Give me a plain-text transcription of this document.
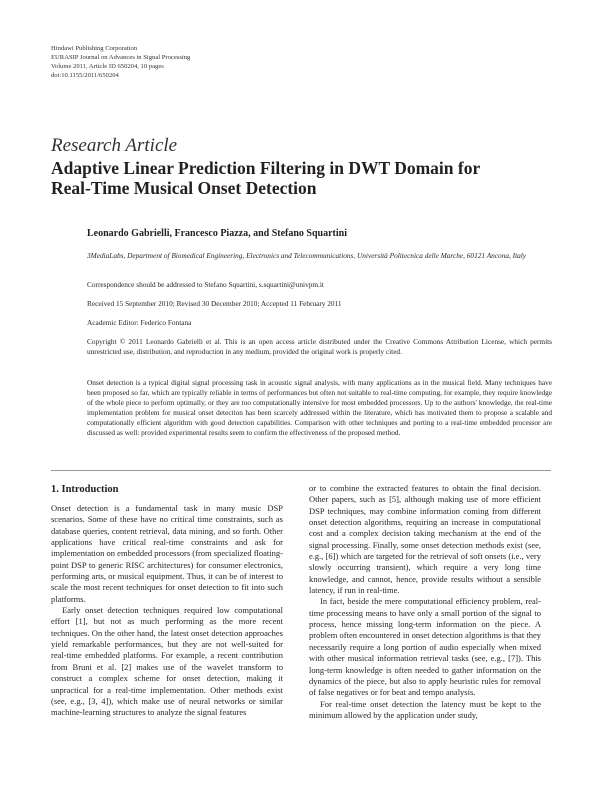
Hindawi Publishing Corporation
EURASIP Journal on Advances in Signal Processing
Volume 2011, Article ID 650204, 10 pages
doi:10.1155/2011/650204
Research Article
Adaptive Linear Prediction Filtering in DWT Domain for
Real-Time Musical Onset Detection
Leonardo Gabrielli, Francesco Piazza, and Stefano Squartini
3MediaLabs, Department of Biomedical Engineering, Electronics and Telecommunications, Università Politecnica delle Marche, 60121 Ancona, Italy
Correspondence should be addressed to Stefano Squartini, s.squartini@univpm.it
Received 15 September 2010; Revised 30 December 2010; Accepted 11 February 2011
Academic Editor: Federico Fontana
Copyright © 2011 Leonardo Gabrielli et al. This is an open access article distributed under the Creative Commons Attribution License, which permits unrestricted use, distribution, and reproduction in any medium, provided the original work is properly cited.
Onset detection is a typical digital signal processing task in acoustic signal analysis, with many applications as in the musical field. Many techniques have been proposed so far, which are typically reliable in terms of performances but often not suitable to real-time computing, for example, they require knowledge of the whole piece to perform optimally, or they are too computationally intensive for most embedded processors. Up to the authors' knowledge, the real-time implementation problem for musical onset detection has been scarcely addressed within the literature, which has motivated them to propose a scalable and computationally efficient algorithm with good detection capabilities. Comparison with other techniques and porting to a real-time embedded processor are discussed as well: provided experimental results seem to confirm the effectiveness of the proposed method.
1. Introduction

Onset detection is a fundamental task in many music DSP scenarios. Some of these have no critical time constraints, such as database queries, content retrieval, data mining, and so forth. Other applications have critical real-time constraints and ask for implementation on embedded processors (from specialized floating-point DSP to generic RISC architectures) for consumer electronics, performing arts, or musical equipment. Thus, it can be of interest to scale the most recent techniques for onset detection to fit into such platforms.

Early onset detection techniques required low computational effort [1], but not as much performing as the more recent techniques. On the other hand, the latest onset detection approaches yield remarkable performances, but they are not well-suited for real-time embedded platforms. For example, a recent contribution from Bruni et al. [2] makes use of the wavelet transform to construct a complex scheme for onset detection, making it unpractical for a real-time implementation. Other methods exist (see, e.g., [3, 4]), which make use of neural networks or similar machine-learning structures to analyze the signal features

or to combine the extracted features to obtain the final decision. Other papers, such as [5], although making use of more efficient DSP techniques, may combine information coming from different onset detection algorithms, requiring an increase in computational cost and a complex decision taking mechanism at the end of the signal processing. Finally, some onset detection methods exist (see, e.g., [6]) which are targeted for the retrieval of soft onsets (i.e., very slowly occurring transient), which require a very long time knowledge, and cannot, hence, provide results without a sensible latency, if run in real-time.

In fact, beside the mere computational efficiency problem, real-time processing means to have only a small portion of the signal to process, hence missing long-term information on the piece. A problem often encountered in onset detection algorithms is that they necessarily require a long portion of audio especially when mixed with other musical information retrieval tasks (see, e.g., [7]). This long-term knowledge is often needed to gather information on the dynamics of the piece, but also to apply heuristic rules for removal of false negatives or for beat and tempo analysis.

For real-time onset detection the latency must be kept to the minimum allowed by the application under study,
